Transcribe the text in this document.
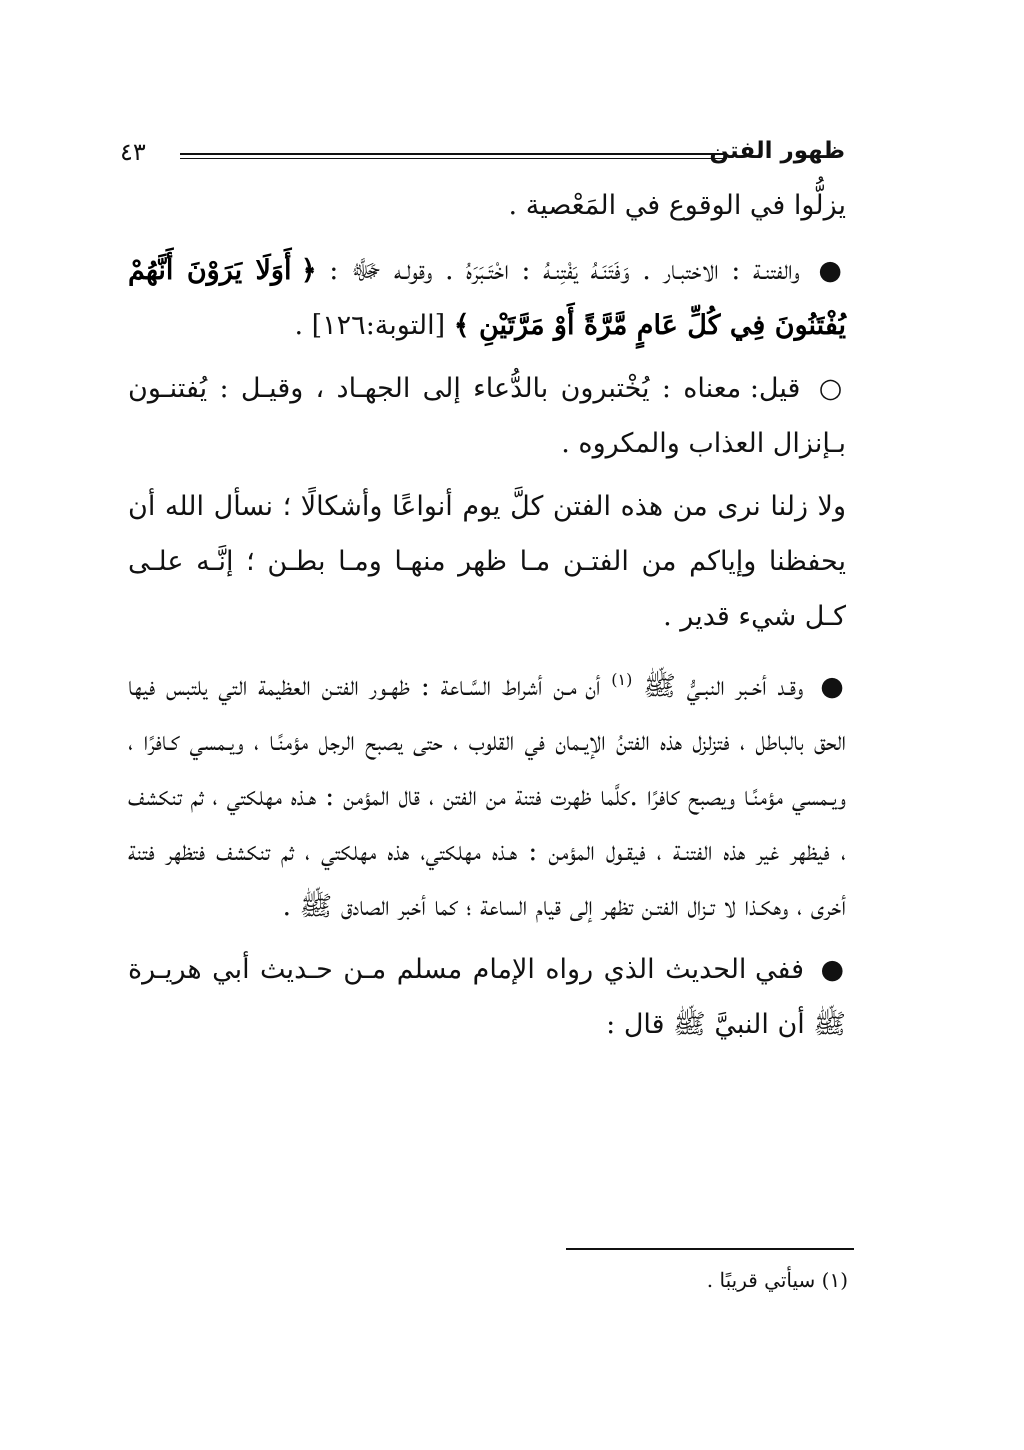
ظهور الفتن
٤٣

يزلُّوا في الوقوع في المَعْصية .

● والفتنـة : الاختبـار . وَفَتَنَـهُ يَفْتِنـهُ : اخْتَـبَرَهُ . وقولـه ﷻ : ﴿ أَوَلَا يَرَوْنَ أَنَّهُمْ يُفْتَنُونَ فِي كُلِّ عَامٍ مَّرَّةً أَوْ مَرَّتَيْنِ ﴾ [التوبة:١٢٦] .

○ قيل: معناه : يُخْتبرون بالدُّعاء إلى الجهـاد ، وقيـل : يُفتنـون بـإنزال العذاب والمكروه .

ولا زلنا نرى من هذه الفتن كلَّ يوم أنواعًا وأشكالًا ؛ نسأل الله أن يحفظنا وإياكم من الفتـن مـا ظهر منهـا ومـا بطـن ؛ إنَّـه علـى كـل شيء قدير .

● وقـد أخـبر النبـيُّ ﷺ $^{(١)}$ أن مـن أشراط السَّـاعة : ظهـور الفتـن العظيمة التي يلتبس فيها الحق بالباطل ، فتزلزل هذه الفتنُ الإيـمان في القلوب ، حتى يصبح الرجل مؤمنًـا ، ويـمسي كـافرًا ، ويـمسي مؤمنًـا ويصبح كافرًا .كلَّما ظهرت فتنة من الفتن ، قال المؤمن : هـذه مهلكتي ، ثم تنكشف ، فيظهر غير هذه الفتنـة ، فيقـول المؤمن : هـذه مهلكتي، هذه مهلكتي ، ثم تنكشف فتظهر فتنة أخرى ، وهكـذا لا تـزال الفتـن تظهر إلى قيام الساعة ؛ كما أخبر الصادق ﷺ .

● ففي الحديث الذي رواه الإمام مسلم مـن حـديث أبي هريـرة ﷺ أن النبيَّ ﷺ قال :

(١) سيأتي قريبًا .
